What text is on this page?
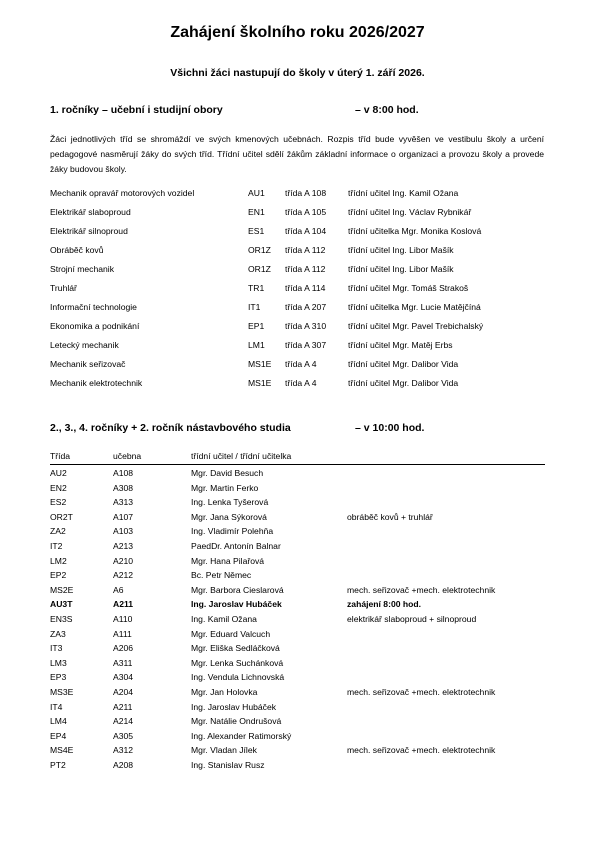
Zahájení školního roku 2026/2027
Všichni žáci nastupují do školy v úterý 1. září 2026.
1. ročníky – učební i studijní obory	– v 8:00 hod.
Žáci jednotlivých tříd se shromáždí ve svých kmenových učebnách. Rozpis tříd bude vyvěšen ve vestibulu školy a určení pedagogové nasměrují žáky do svých tříd. Třídní učitel sdělí žákům základní informace o organizaci a provozu školy a provede žáky budovou školy.
Mechanik opravář motorových vozidel	AU1 třída A 108	třídní učitel Ing. Kamil Ožana
Elektrikář slaboproud	EN1 třída A 105	třídní učitel Ing. Václav Rybnikář
Elektrikář silnoproud	ES1 třída A 104	třídní učitelka Mgr. Monika Koslová
Obráběč kovů	OR1Z třída A 112	třídní učitel Ing. Libor Mašík
Strojní mechanik	OR1Z třída A 112	třídní učitel Ing. Libor Mašík
Truhlář	TR1 třída A 114	třídní učitel Mgr. Tomáš Strakoš
Informační technologie	IT1	třída A 207	třídní učitelka Mgr. Lucie Matějčíná
Ekonomika a podnikání	EP1 třída A 310	třídní učitel Mgr. Pavel Trebichalský
Letecký mechanik	LM1 třída A 307	třídní učitel Mgr. Matěj Erbs
Mechanik seřizovač	MS1E třída A 4	třídní učitel Mgr. Dalibor Vida
Mechanik elektrotechnik	MS1E třída A 4	třídní učitel Mgr. Dalibor Vida
2., 3., 4. ročníky + 2. ročník nástavbového studia	– v 10:00 hod.
Třída	učebna	třídní učitel / třídní učitelka
AU2	A108	Mgr. David Besuch
EN2	A308	Mgr. Martin Ferko
ES2	A313	Ing. Lenka Tyšerová
OR2T	A107	Mgr. Jana Sýkorová	obráběč kovů + truhlář
ZA2	A103	Ing. Vladimír Polehňa
IT2	A213	PaedDr. Antonín Balnar
LM2	A210	Mgr. Hana Pilařová
EP2	A212	Bc. Petr Němec
MS2E	A6	Mgr. Barbora Cieslarová	mech. seřizovač +mech. elektrotechnik
AU3T	A211	Ing. Jaroslav Hubáček	zahájení 8:00 hod.
EN3S	A110	Ing. Kamil Ožana	elektrikář slaboproud + silnoproud
ZA3	A111	Mgr. Eduard Valcuch
IT3	A206	Mgr. Eliška Sedláčková
LM3	A311	Mgr. Lenka Suchánková
EP3	A304	Ing. Vendula Lichnovská
MS3E	A204	Mgr. Jan Holovka	mech. seřizovač +mech. elektrotechnik
IT4	A211	Ing. Jaroslav Hubáček
LM4	A214	Mgr. Natálie Ondrušová
EP4	A305	Ing. Alexander Ratimorský
MS4E	A312	Mgr. Vladan Jílek	mech. seřizovač +mech. elektrotechnik
PT2	A208	Ing. Stanislav Rusz
